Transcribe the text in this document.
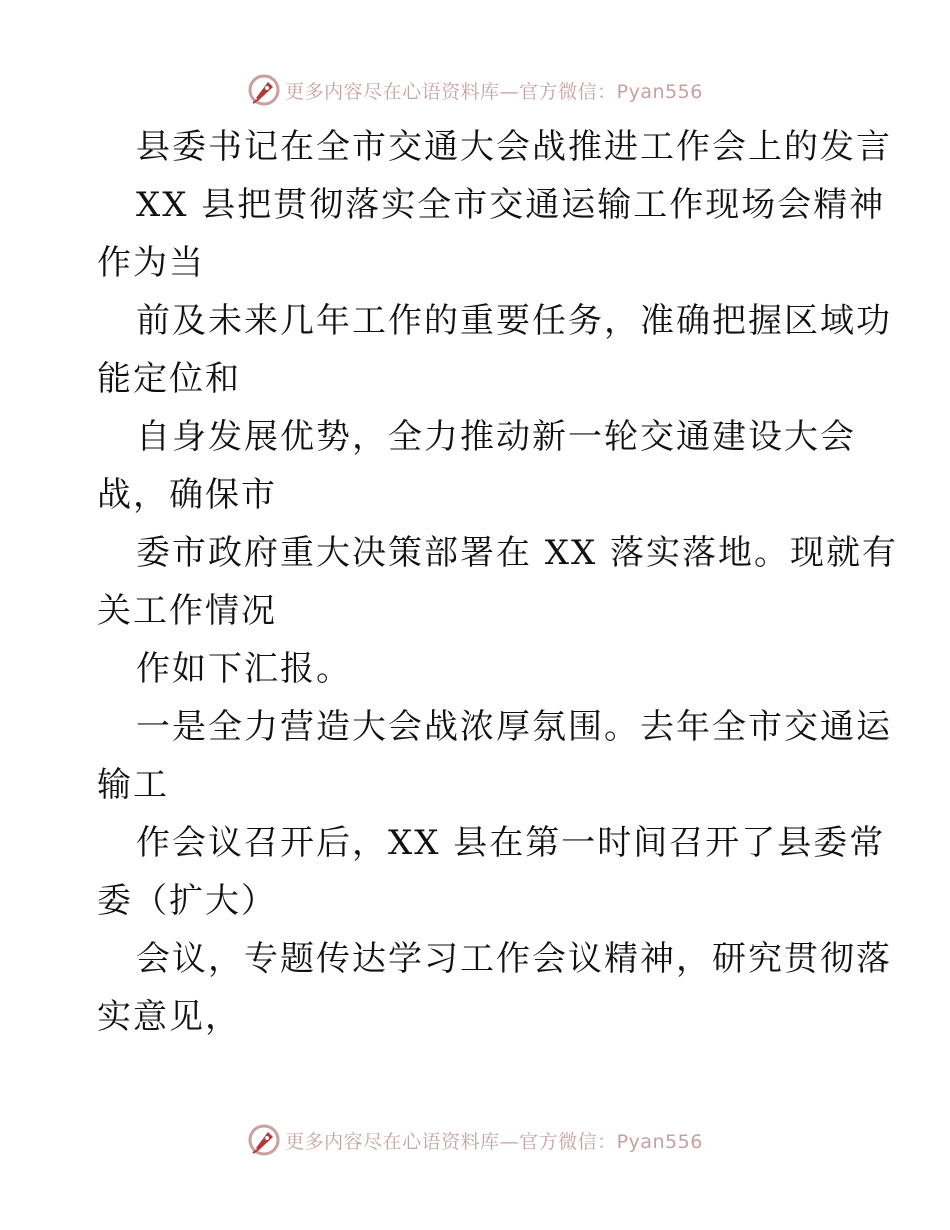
更多内容尽在心语资料库—官方微信：Pyan556
县委书记在全市交通大会战推进工作会上的发言
XX 县把贯彻落实全市交通运输工作现场会精神
作为当
前及未来几年工作的重要任务，准确把握区域功
能定位和
自身发展优势，全力推动新一轮交通建设大会
战，确保市
委市政府重大决策部署在 XX 落实落地。现就有
关工作情况
作如下汇报。
一是全力营造大会战浓厚氛围。去年全市交通运
输工
作会议召开后，XX 县在第一时间召开了县委常
委（扩大）
会议，专题传达学习工作会议精神，研究贯彻落
实意见，
更多内容尽在心语资料库—官方微信：Pyan556
